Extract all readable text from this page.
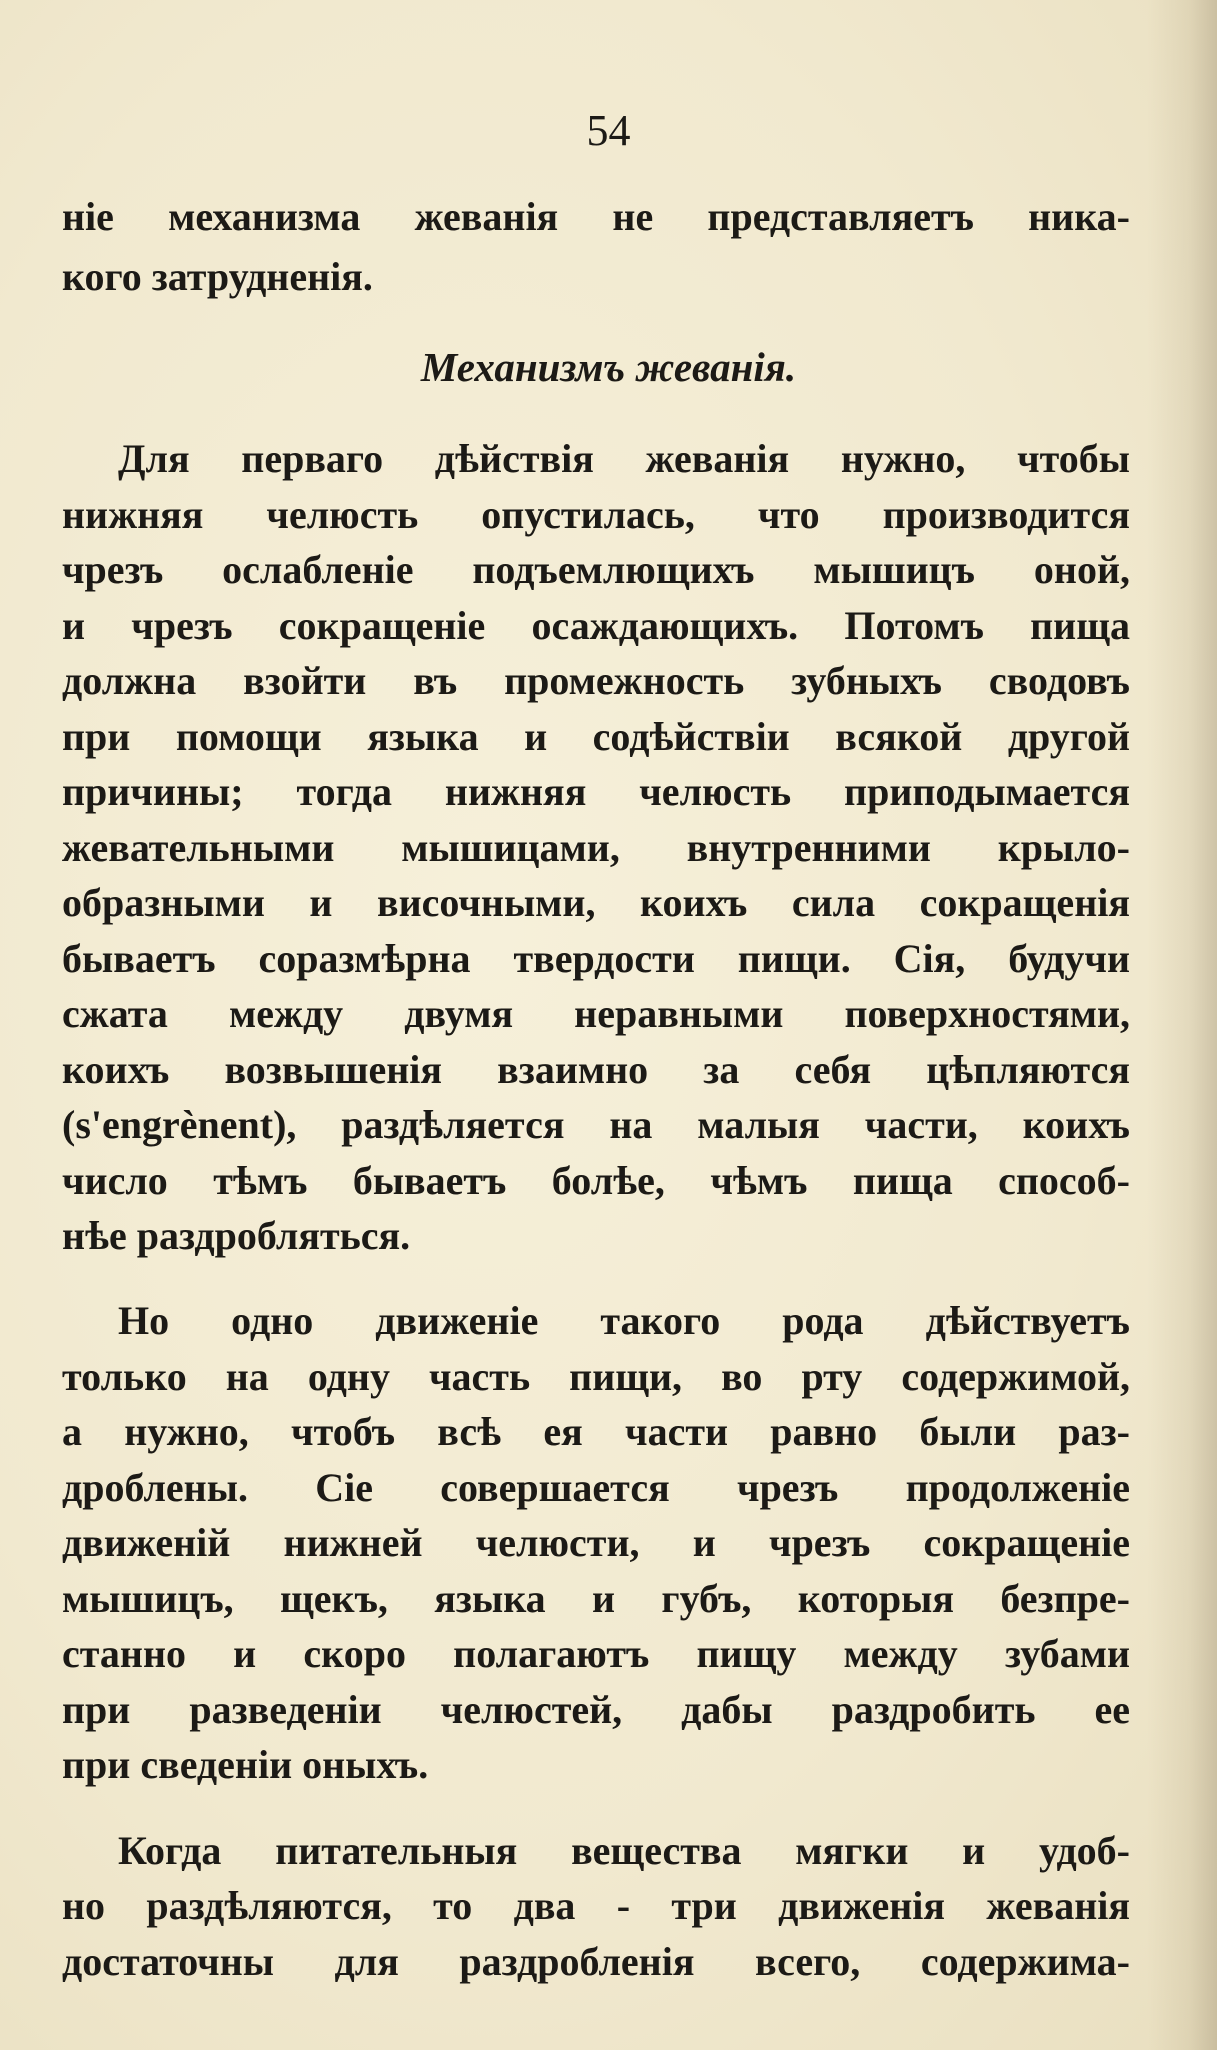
54
ніе механизма жеванія не представляетъ ника-
кого затрудненія.
Механизмъ жеванія.
Для перваго дѣйствія жеванія нужно, чтобы
нижняя челюсть опустилась, что производится
чрезъ ослабленіе подъемлющихъ мышицъ оной,
и чрезъ сокращеніе осаждающихъ. Потомъ пища
должна взойти въ промежность зубныхъ сводовъ
при помощи языка и содѣйствіи всякой другой
причины; тогда нижняя челюсть приподымается
жевательными мышицами, внутренними крыло-
образными и височными, коихъ сила сокращенія
бываетъ соразмѣрна твердости пищи. Сія, будучи
сжата между двумя неравными поверхностями,
коихъ возвышенія взаимно за себя цѣпляются
(s'engrènent), раздѣляется на малыя части, коихъ
число тѣмъ бываетъ болѣе, чѣмъ пища способ-
нѣе раздробляться.
Но одно движеніе такого рода дѣйствуетъ
только на одну часть пищи, во рту содержимой,
а нужно, чтобъ всѣ ея части равно были раз-
дроблены. Сіе совершается чрезъ продолженіе
движеній нижней челюсти, и чрезъ сокращеніе
мышицъ, щекъ, языка и губъ, которыя безпре-
станно и скоро полагаютъ пищу между зубами
при разведеніи челюстей, дабы раздробить ее
при сведеніи оныхъ.
Когда питательныя вещества мягки и удоб-
но раздѣляются, то два - три движенія жеванія
достаточны для раздробленія всего, содержима-
